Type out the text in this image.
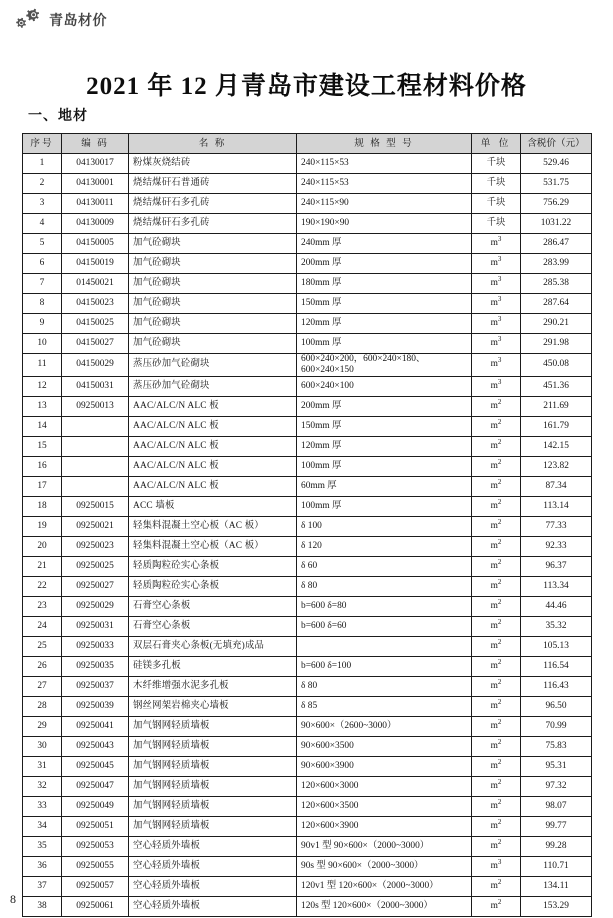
青岛材价
2021 年 12 月青岛市建设工程材料价格
一、地材
序号	编 码	名 称	规 格 型 号	单 位	含税价（元）
1	04130017	粉煤灰烧结砖	240×115×53	千块	529.46
2	04130001	烧结煤矸石普通砖	240×115×53	千块	531.75
3	04130011	烧结煤矸石多孔砖	240×115×90	千块	756.29
4	04130009	烧结煤矸石多孔砖	190×190×90	千块	1031.22
5	04150005	加气砼砌块	240mm 厚	$m^3$	286.47
6	04150019	加气砼砌块	200mm 厚	$m^3$	283.99
7	01450021	加气砼砌块	180mm 厚	$m^3$	285.38
8	04150023	加气砼砌块	150mm 厚	$m^3$	287.64
9	04150025	加气砼砌块	120mm 厚	$m^3$	290.21
10	04150027	加气砼砌块	100mm 厚	$m^3$	291.98
11	04150029	蒸压砂加气砼砌块	600×240×200，600×240×180、600×240×150	$m^3$	450.08
12	04150031	蒸压砂加气砼砌块	600×240×100	$m^3$	451.36
13	09250013	AAC/ALC/N ALC 板	200mm 厚	$m^2$	211.69
14		AAC/ALC/N ALC 板	150mm 厚	$m^2$	161.79
15		AAC/ALC/N ALC 板	120mm 厚	$m^2$	142.15
16		AAC/ALC/N ALC 板	100mm 厚	$m^2$	123.82
17		AAC/ALC/N ALC 板	60mm 厚	$m^2$	87.34
18	09250015	ACC 墙板	100mm 厚	$m^2$	113.14
19	09250021	轻集料混凝土空心板（AC 板）	δ 100	$m^2$	77.33
20	09250023	轻集料混凝土空心板（AC 板）	δ 120	$m^2$	92.33
21	09250025	轻质陶粒砼实心条板	δ 60	$m^2$	96.37
22	09250027	轻质陶粒砼实心条板	δ 80	$m^2$	113.34
23	09250029	石膏空心条板	b=600 δ=80	$m^2$	44.46
24	09250031	石膏空心条板	b=600 δ=60	$m^2$	35.32
25	09250033	双层石膏夹心条板(无填充)成品		$m^2$	105.13
26	09250035	硅镁多孔板	b=600 δ=100	$m^2$	116.54
27	09250037	木纤维增强水泥多孔板	δ 80	$m^2$	116.43
28	09250039	钢丝网架岩棉夹心墙板	δ 85	$m^2$	96.50
29	09250041	加气钢网轻质墙板	90×600×（2600~3000）	$m^2$	70.99
30	09250043	加气钢网轻质墙板	90×600×3500	$m^2$	75.83
31	09250045	加气钢网轻质墙板	90×600×3900	$m^2$	95.31
32	09250047	加气钢网轻质墙板	120×600×3000	$m^2$	97.32
33	09250049	加气钢网轻质墙板	120×600×3500	$m^2$	98.07
34	09250051	加气钢网轻质墙板	120×600×3900	$m^2$	99.77
35	09250053	空心轻质外墙板	90v1 型 90×600×（2000~3000）	$m^2$	99.28
36	09250055	空心轻质外墙板	90s 型 90×600×（2000~3000）	$m^3$	110.71
37	09250057	空心轻质外墙板	120v1 型 120×600×（2000~3000）	$m^2$	134.11
38	09250061	空心轻质外墙板	120s 型 120×600×（2000~3000）	$m^2$	153.29
8
